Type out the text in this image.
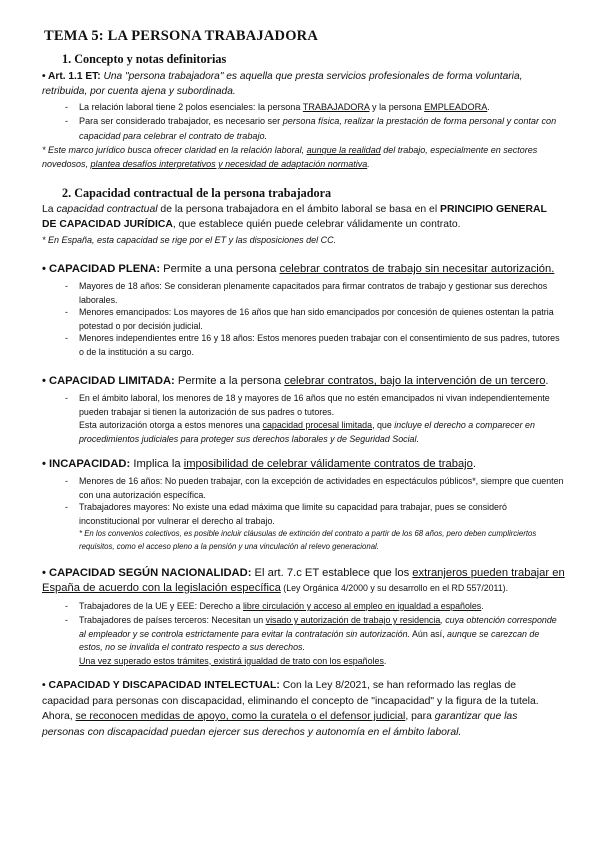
TEMA 5: LA PERSONA TRABAJADORA
1. Concepto y notas definitorias
• Art. 1.1 ET: Una "persona trabajadora" es aquella que presta servicios profesionales de forma voluntaria, retribuida, por cuenta ajena y subordinada.
-	La relación laboral tiene 2 polos esenciales: la persona TRABAJADORA y la persona EMPLEADORA.
-	Para ser considerado trabajador, es necesario ser persona física, realizar la prestación de forma personal y contar con capacidad para celebrar el contrato de trabajo.
* Este marco jurídico busca ofrecer claridad en la relación laboral, aunque la realidad del trabajo, especialmente en sectores novedosos, plantea desafíos interpretativos y necesidad de adaptación normativa.
2. Capacidad contractual de la persona trabajadora
La capacidad contractual de la persona trabajadora en el ámbito laboral se basa en el PRINCIPIO GENERAL DE CAPACIDAD JURÍDICA, que establece quién puede celebrar válidamente un contrato.
* En España, esta capacidad se rige por el ET y las disposiciones del CC.
• CAPACIDAD PLENA: Permite a una persona celebrar contratos de trabajo sin necesitar autorización.
-	Mayores de 18 años: Se consideran plenamente capacitados para firmar contratos de trabajo y gestionar sus derechos laborales.
-	Menores emancipados: Los mayores de 16 años que han sido emancipados por concesión de quienes ostentan la patria potestad o por decisión judicial.
-	Menores independientes entre 16 y 18 años: Estos menores pueden trabajar con el consentimiento de sus padres, tutores o de la institución a su cargo.
• CAPACIDAD LIMITADA: Permite a la persona celebrar contratos, bajo la intervención de un tercero.
-	En el ámbito laboral, los menores de 18 y mayores de 16 años que no estén emancipados ni vivan independientemente pueden trabajar si tienen la autorización de sus padres o tutores.
Esta autorización otorga a estos menores una capacidad procesal limitada, que incluye el derecho a comparecer en procedimientos judiciales para proteger sus derechos laborales y de Seguridad Social.
• INCAPACIDAD: Implica la imposibilidad de celebrar válidamente contratos de trabajo.
-	Menores de 16 años: No pueden trabajar, con la excepción de actividades en espectáculos públicos*, siempre que cuenten con una autorización específica.
-	Trabajadores mayores: No existe una edad máxima que limite su capacidad para trabajar, pues se consideró inconstitucional por vulnerar el derecho al trabajo.
* En los convenios colectivos, es posible incluir cláusulas de extinción del contrato a partir de los 68 años, pero deben cumplirciertos requisitos, como el acceso pleno a la pensión y una vinculación al relevo generacional.
• CAPACIDAD SEGÚN NACIONALIDAD: El art. 7.c ET establece que los extranjeros pueden trabajar en España de acuerdo con la legislación específica (Ley Orgánica 4/2000 y su desarrollo en el RD 557/2011).
-	Trabajadores de la UE y EEE: Derecho a libre circulación y acceso al empleo en igualdad a españoles.
-	Trabajadores de países terceros: Necesitan un visado y autorización de trabajo y residencia, cuya obtención corresponde al empleador y se controla estrictamente para evitar la contratación sin autorización. Aún así, aunque se carezcan de estos, no se invalida el contrato respecto a sus derechos.
Una vez superado estos trámites, existirá igualdad de trato con los españoles.
• CAPACIDAD Y DISCAPACIDAD INTELECTUAL: Con la Ley 8/2021, se han reformado las reglas de capacidad para personas con discapacidad, eliminando el concepto de "incapacidad" y la figura de la tutela. Ahora, se reconocen medidas de apoyo, como la curatela o el defensor judicial, para garantizar que las personas con discapacidad puedan ejercer sus derechos y autonomía en el ámbito laboral.
